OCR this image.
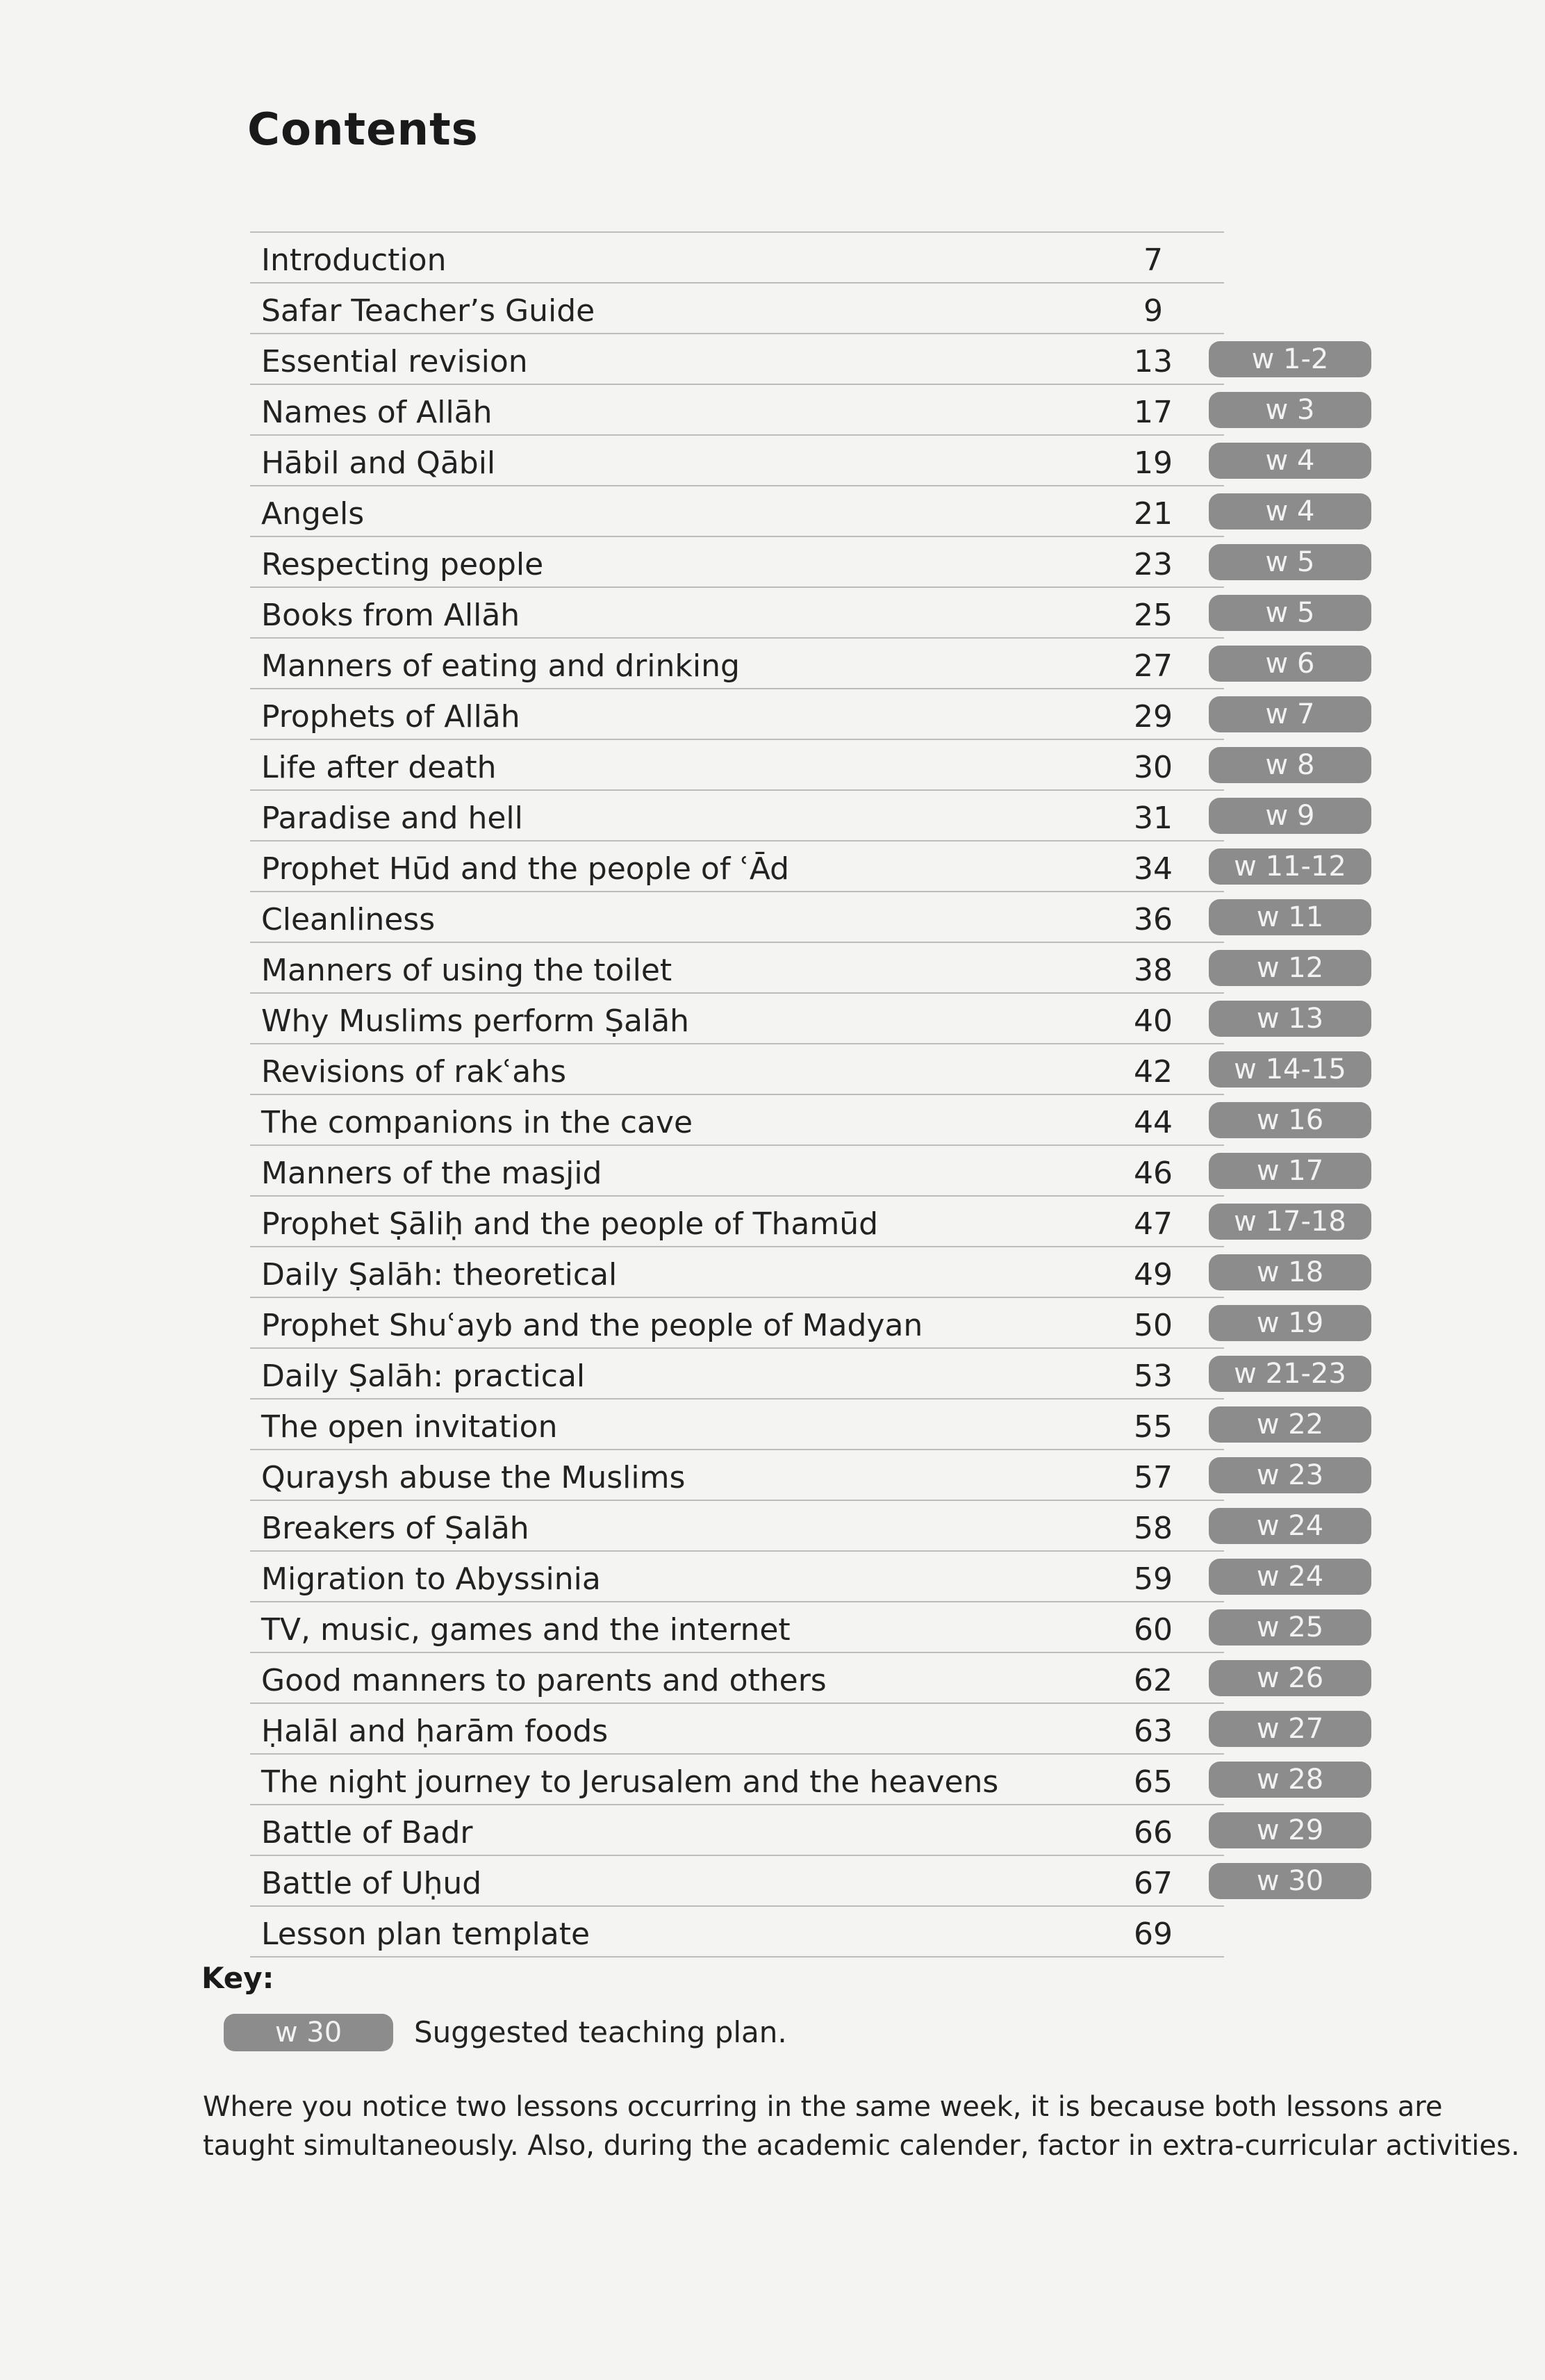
Contents
Introduction	7
Safar Teacher’s Guide	9
Essential revision	13	w 1-2
Names of Allāh	17	w 3
Hābil and Qābil	19	w 4
Angels	21	w 4
Respecting people	23	w 5
Books from Allāh	25	w 5
Manners of eating and drinking	27	w 6
Prophets of Allāh	29	w 7
Life after death	30	w 8
Paradise and hell	31	w 9
Prophet Hūd and the people of ʿĀd	34	w 11-12
Cleanliness	36	w 11
Manners of using the toilet	38	w 12
Why Muslims perform Ṣalāh	40	w 13
Revisions of rakʿahs	42	w 14-15
The companions in the cave	44	w 16
Manners of the masjid	46	w 17
Prophet Ṣāliḥ and the people of Thamūd	47	w 17-18
Daily Ṣalāh: theoretical	49	w 18
Prophet Shuʿayb and the people of Madyan	50	w 19
Daily Ṣalāh: practical	53	w 21-23
The open invitation	55	w 22
Quraysh abuse the Muslims	57	w 23
Breakers of Ṣalāh	58	w 24
Migration to Abyssinia	59	w 24
TV, music, games and the internet	60	w 25
Good manners to parents and others	62	w 26
Ḥalāl and ḥarām foods	63	w 27
The night journey to Jerusalem and the heavens	65	w 28
Battle of Badr	66	w 29
Battle of Uḥud	67	w 30
Lesson plan template	69
Key:
w 30	Suggested teaching plan.
Where you notice two lessons occurring in the same week, it is because both lessons are taught simultaneously. Also, during the academic calender, factor in extra-curricular activities.
